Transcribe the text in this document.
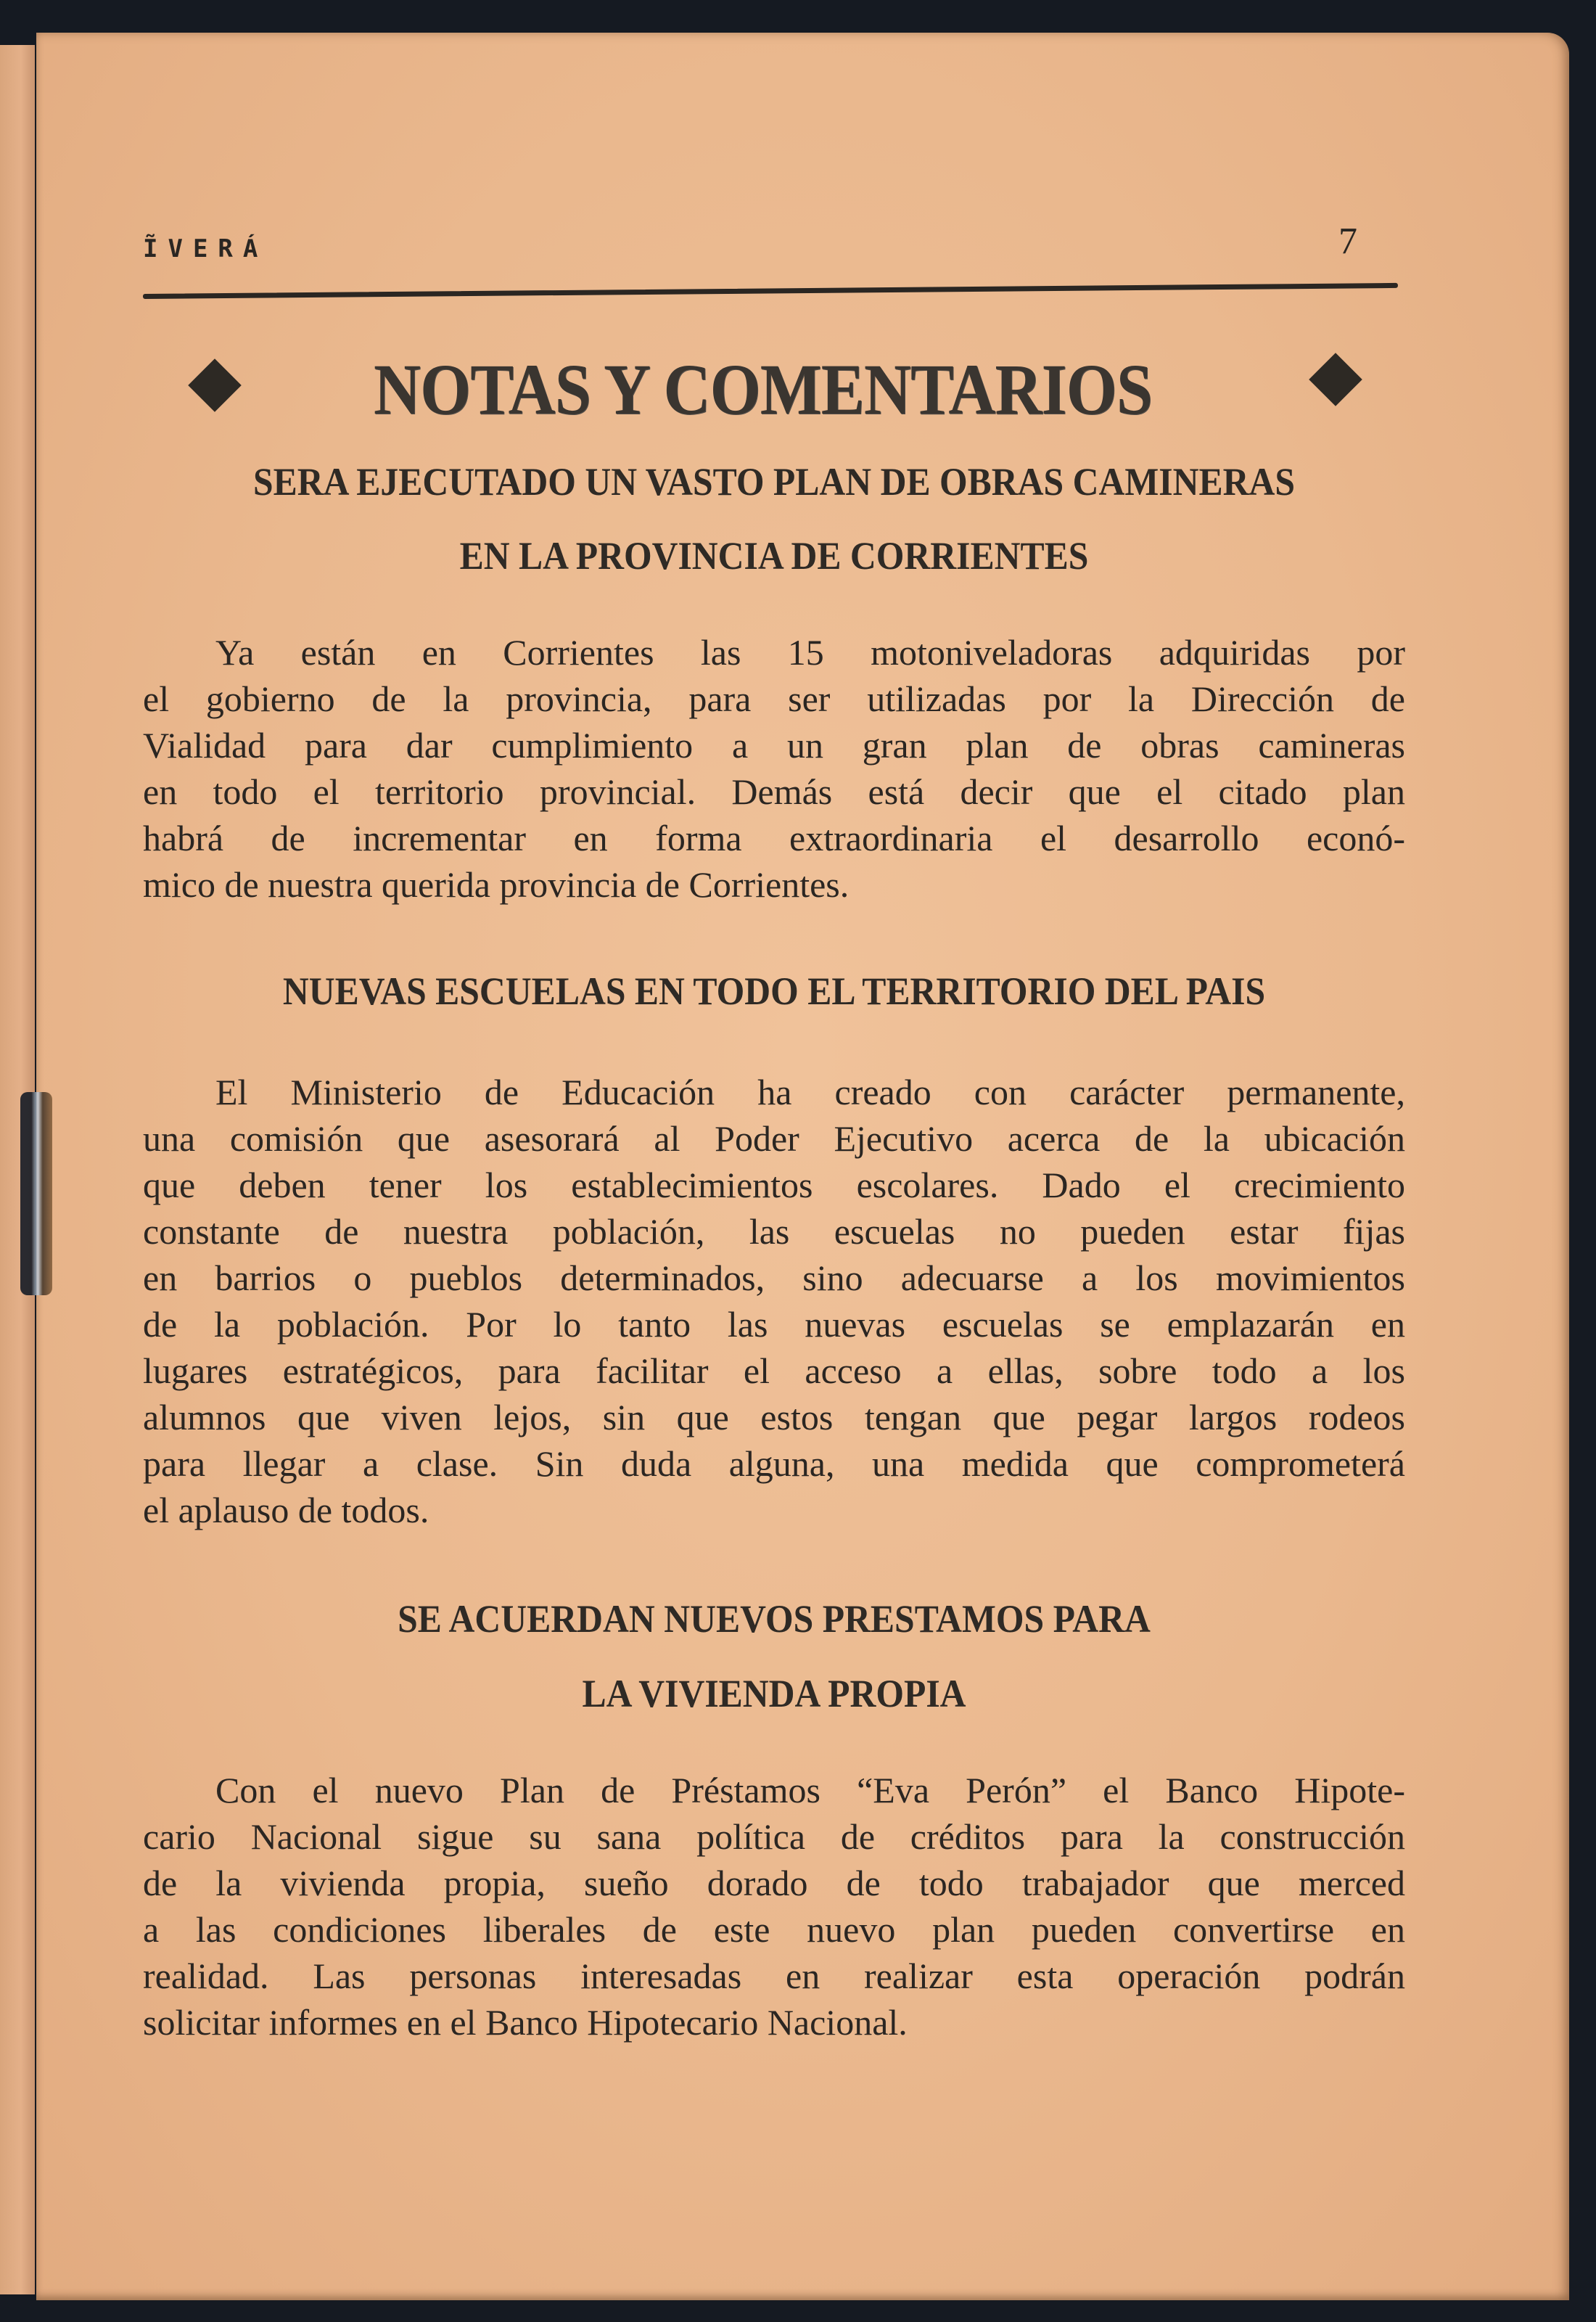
ĨVERÁ	7
NOTAS Y COMENTARIOS
SERA EJECUTADO UN VASTO PLAN DE OBRAS CAMINERAS
EN LA PROVINCIA DE CORRIENTES
Ya están en Corrientes las 15 motoniveladoras adquiridas por
el gobierno de la provincia, para ser utilizadas por la Dirección de
Vialidad para dar cumplimiento a un gran plan de obras camineras
en todo el territorio provincial. Demás está decir que el citado plan
habrá de incrementar en forma extraordinaria el desarrollo econó-
mico de nuestra querida provincia de Corrientes.
NUEVAS ESCUELAS EN TODO EL TERRITORIO DEL PAIS
El Ministerio de Educación ha creado con carácter permanente,
una comisión que asesorará al Poder Ejecutivo acerca de la ubicación
que deben tener los establecimientos escolares. Dado el crecimiento
constante de nuestra población, las escuelas no pueden estar fijas
en barrios o pueblos determinados, sino adecuarse a los movimientos
de la población. Por lo tanto las nuevas escuelas se emplazarán en
lugares estratégicos, para facilitar el acceso a ellas, sobre todo a los
alumnos que viven lejos, sin que estos tengan que pegar largos rodeos
para llegar a clase. Sin duda alguna, una medida que comprometerá
el aplauso de todos.
SE ACUERDAN NUEVOS PRESTAMOS PARA
LA VIVIENDA PROPIA
Con el nuevo Plan de Préstamos “Eva Perón” el Banco Hipote-
cario Nacional sigue su sana política de créditos para la construcción
de la vivienda propia, sueño dorado de todo trabajador que merced
a las condiciones liberales de este nuevo plan pueden convertirse en
realidad. Las personas interesadas en realizar esta operación podrán
solicitar informes en el Banco Hipotecario Nacional.
